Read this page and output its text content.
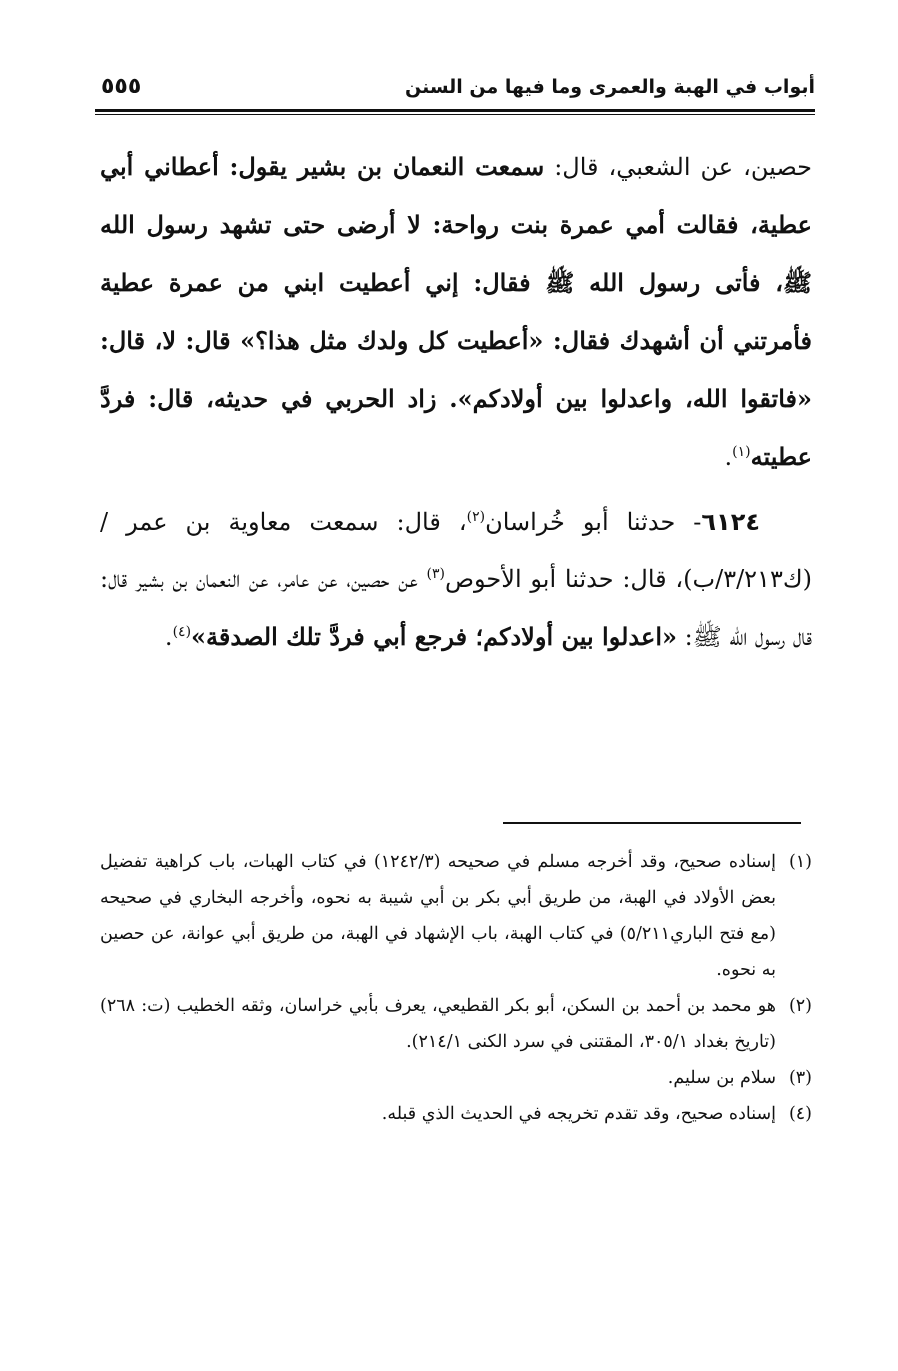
أبواب في الهبة والعمرى وما فيها من السنن
٥٥٥

حصين، عن الشعبي، قال: سمعت النعمان بن بشير يقول: أعطاني أبي عطية، فقالت أمي عمرة بنت رواحة: لا أرضى حتى تشهد رسول الله ﷺ، فأتى رسول الله ﷺ فقال: إني أعطيت ابني من عمرة عطية فأمرتني أن أشهدك فقال: «أعطيت كل ولدك مثل هذا؟» قال: لا، قال: «فاتقوا الله، واعدلوا بين أولادكم». زاد الحربي في حديثه، قال: فردَّ عطيته$^{(١)}$.

٦١٢٤- حدثنا أبو خُراسان$^{(٢)}$، قال: سمعت معاوية بن عمر / (ك٣/٢١٣/ب)، قال: حدثنا أبو الأحوص$^{(٣)}$ عن حصين، عن عامر، عن النعمان بن بشير قال: قال رسول الله ﷺ: «اعدلوا بين أولادكم؛ فرجع أبي فردَّ تلك الصدقة»$^{(٤)}$.

(١)
إسناده صحيح، وقد أخرجه مسلم في صحيحه (١٢٤٢/٣) في كتاب الهبات، باب كراهية تفضيل بعض الأولاد في الهبة، من طريق أبي بكر بن أبي شيبة به نحوه، وأخرجه البخاري في صحيحه (مع فتح الباري٥/٢١١) في كتاب الهبة، باب الإشهاد في الهبة، من طريق أبي عوانة، عن حصين به نحوه.

(٢)
هو محمد بن أحمد بن السكن، أبو بكر القطيعي، يعرف بأبي خراسان، وثقه الخطيب (ت: ٢٦٨) (تاريخ بغداد ٣٠٥/١، المقتنى في سرد الكنى ٢١٤/١).

(٣)
سلام بن سليم.

(٤)
إسناده صحيح، وقد تقدم تخريجه في الحديث الذي قبله.
